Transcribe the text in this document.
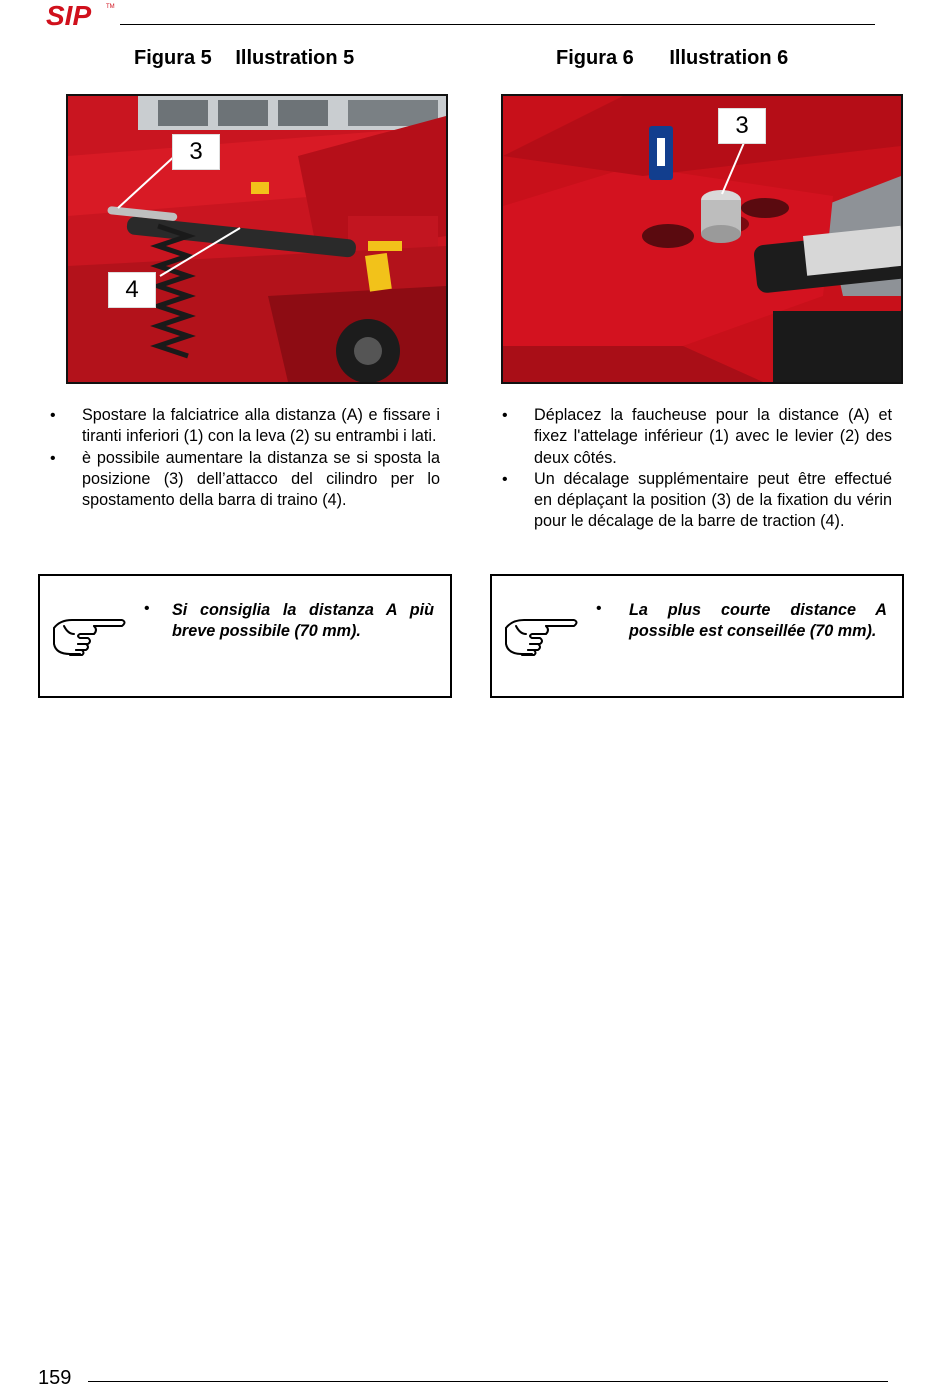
SIP TM
Figura 5 Illustration 5	Figura 6 Illustration 6
3
4
3
• Spostare la falciatrice alla distanza (A) e fissare i tiranti inferiori (1) con la leva (2) su entrambi i lati.
• è possibile aumentare la distanza se si sposta la posizione (3) dell’attacco del cilindro per lo spostamento della barra di traino (4).
• Déplacez la faucheuse pour la distance (A) et fixez l'attelage inférieur (1) avec le levier (2) des deux côtés.
• Un décalage supplémentaire peut être effectué en déplaçant la position (3) de la fixation du vérin pour le décalage de la barre de traction (4).
• Si consiglia la distanza A più breve possibile (70 mm).
• La plus courte distance A possible est conseillée (70 mm).
159
